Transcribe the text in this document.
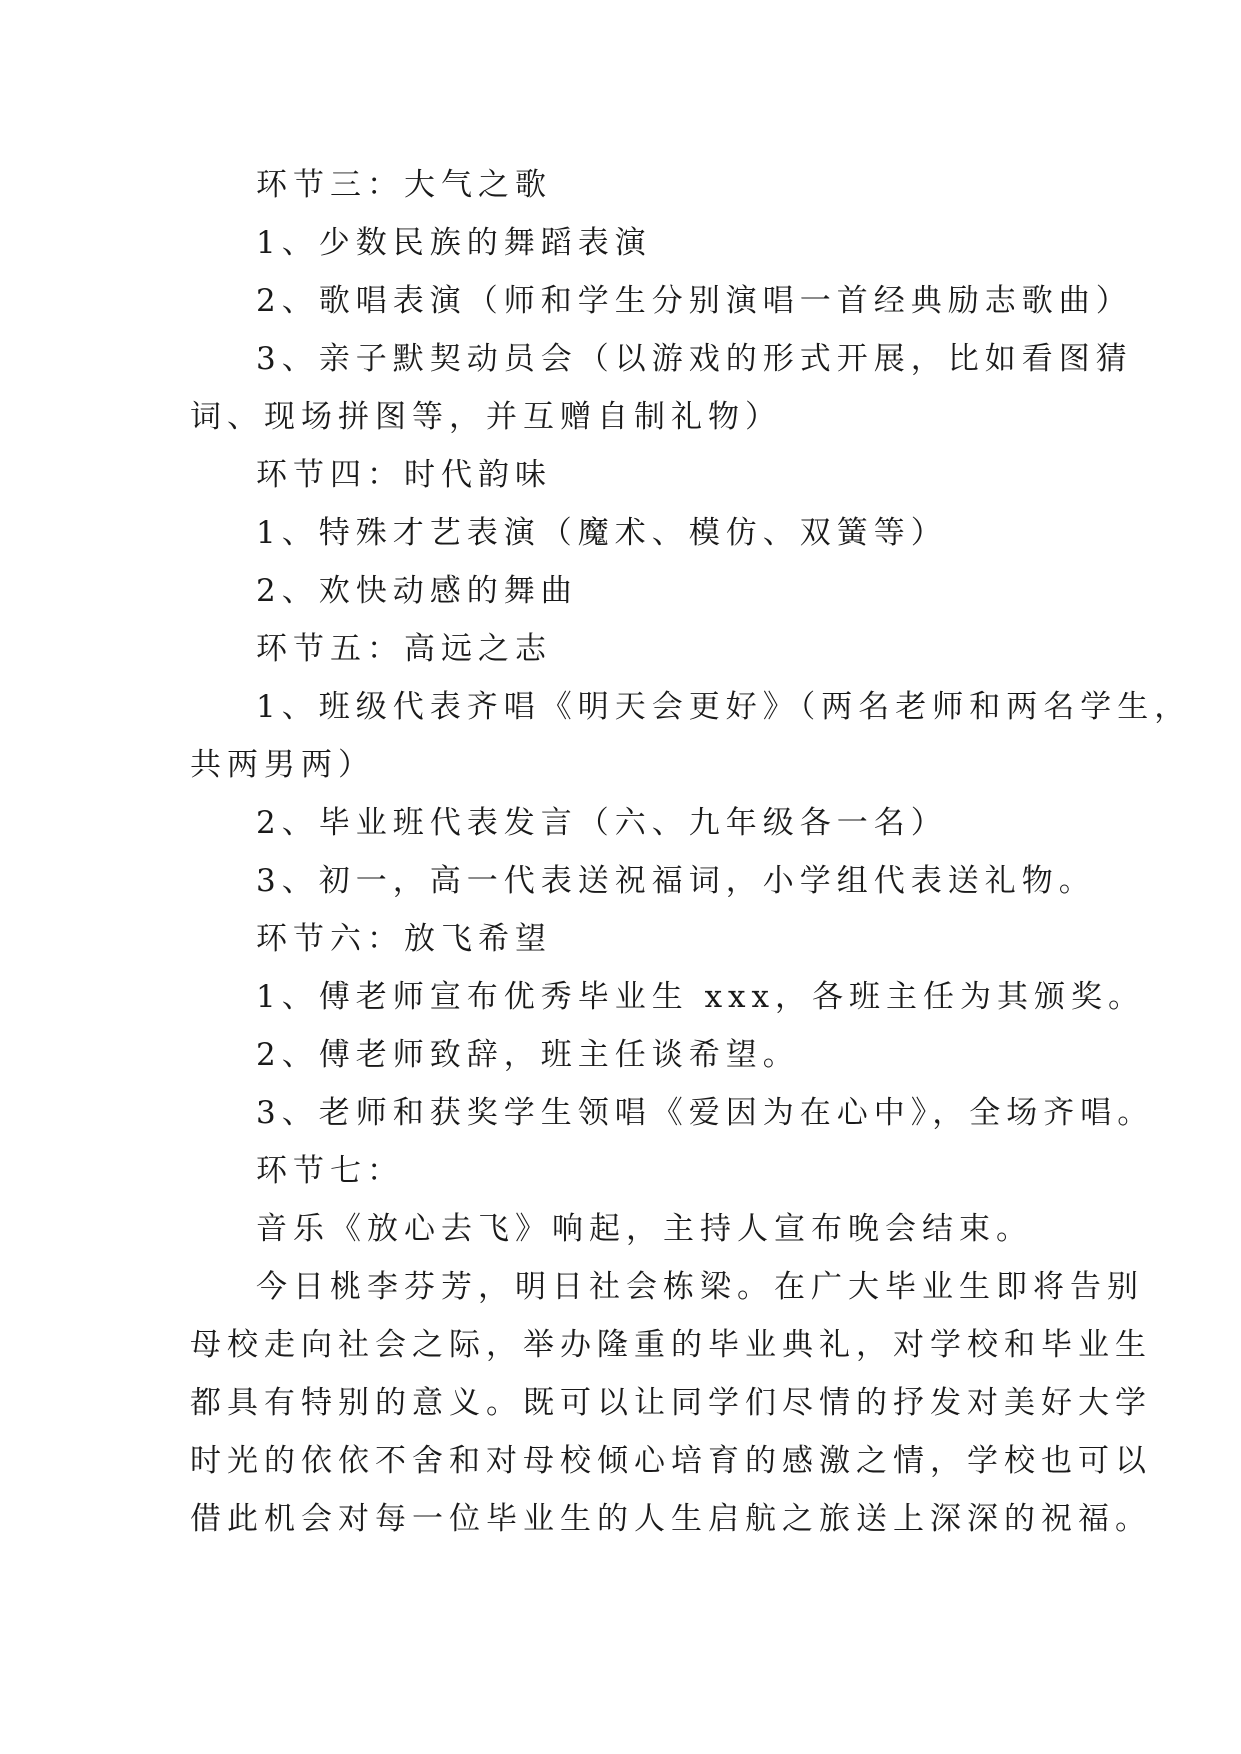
环节三：大气之歌

1、少数民族的舞蹈表演

2、歌唱表演（师和学生分别演唱一首经典励志歌曲）

3、亲子默契动员会（以游戏的形式开展，比如看图猜

词、现场拼图等，并互赠自制礼物）

环节四：时代韵味

1、特殊才艺表演（魔术、模仿、双簧等）

2、欢快动感的舞曲

环节五：高远之志

1、班级代表齐唱《明天会更好》（两名老师和两名学生，

共两男两）

2、毕业班代表发言（六、九年级各一名）

3、初一，高一代表送祝福词，小学组代表送礼物。

环节六：放飞希望

1、傅老师宣布优秀毕业生 xxx，各班主任为其颁奖。

2、傅老师致辞，班主任谈希望。

3、老师和获奖学生领唱《爱因为在心中》，全场齐唱。

环节七：

音乐《放心去飞》响起，主持人宣布晚会结束。

今日桃李芬芳，明日社会栋梁。在广大毕业生即将告别

母校走向社会之际，举办隆重的毕业典礼，对学校和毕业生

都具有特别的意义。既可以让同学们尽情的抒发对美好大学

时光的依依不舍和对母校倾心培育的感激之情，学校也可以

借此机会对每一位毕业生的人生启航之旅送上深深的祝福。
